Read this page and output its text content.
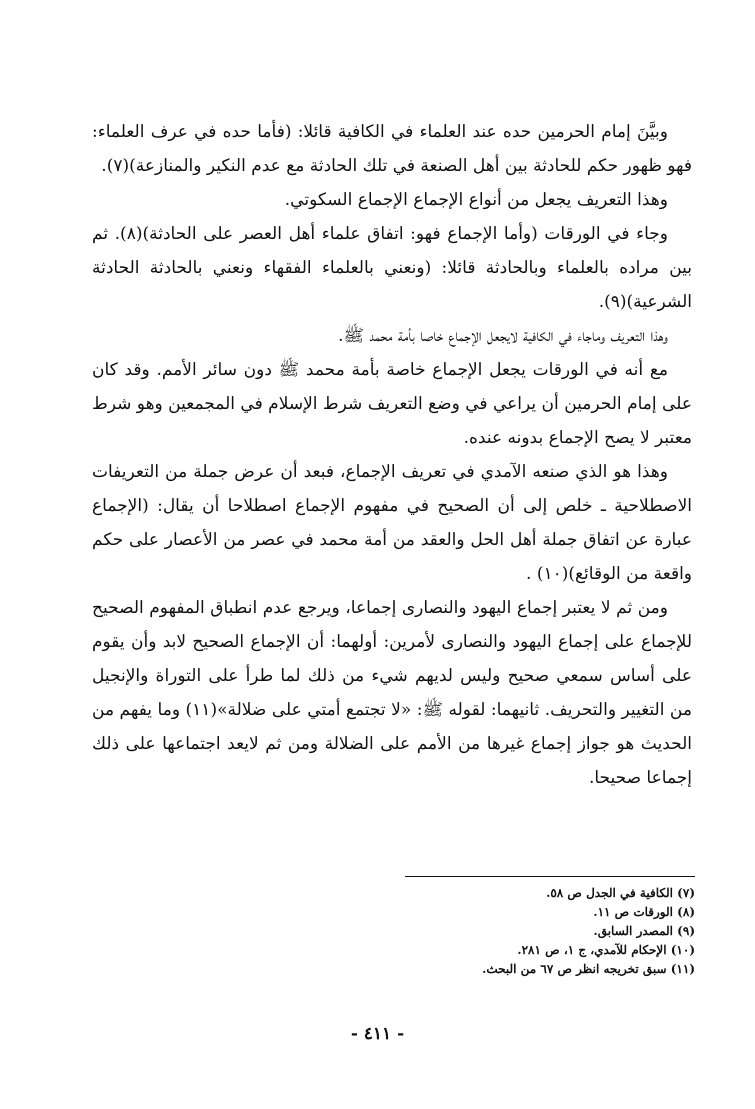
وبيَّنَ إمام الحرمين حده عند العلماء في الكافية قائلا: (فأما حده في عرف العلماء: فهو ظهور حكم للحادثة بين أهل الصنعة في تلك الحادثة مع عدم النكير والمنازعة)(٧).

وهذا التعريف يجعل من أنواع الإجماع الإجماع السكوتي.

وجاء في الورقات (وأما الإجماع فهو: اتفاق علماء أهل العصر على الحادثة)(٨). ثم بين مراده بالعلماء وبالحادثة قائلا: (ونعني بالعلماء الفقهاء ونعني بالحادثة الحادثة الشرعية)(٩).

وهذا التعريف وماجاء في الكافية لايجعل الإجماع خاصا بأمة محمد ﷺ.

مع أنه في الورقات يجعل الإجماع خاصة بأمة محمد ﷺ دون سائر الأمم. وقد كان على إمام الحرمين أن يراعي في وضع التعريف شرط الإسلام في المجمعين وهو شرط معتبر لا يصح الإجماع بدونه عنده.

وهذا هو الذي صنعه الآمدي في تعريف الإجماع، فبعد أن عرض جملة من التعريفات الاصطلاحية ـ خلص إلى أن الصحيح في مفهوم الإجماع اصطلاحا أن يقال: (الإجماع عبارة عن اتفاق جملة أهل الحل والعقد من أمة محمد في عصر من الأعصار على حكم واقعة من الوقائع)(١٠) .

ومن ثم لا يعتبر إجماع اليهود والنصارى إجماعا، ويرجع عدم انطباق المفهوم الصحيح للإجماع على إجماع اليهود والنصارى لأمرين: أولهما: أن الإجماع الصحيح لابد وأن يقوم على أساس سمعي صحيح وليس لديهم شيء من ذلك لما طرأ على التوراة والإنجيل من التغيير والتحريف. ثانيهما: لقوله ﷺ: «لا تجتمع أمتي على ضلالة»(١١) وما يفهم من الحديث هو جواز إجماع غيرها من الأمم على الضلالة ومن ثم لايعد اجتماعها على ذلك إجماعا صحيحا.

(٧) الكافية في الجدل ص ٥٨.
(٨) الورقات ص ١١.
(٩) المصدر السابق.
(١٠) الإحكام للآمدي، ج ١، ص ٢٨١.
(١١) سبق تخريجه انظر ص ٦٧ من البحث.
- ٤١١ -
